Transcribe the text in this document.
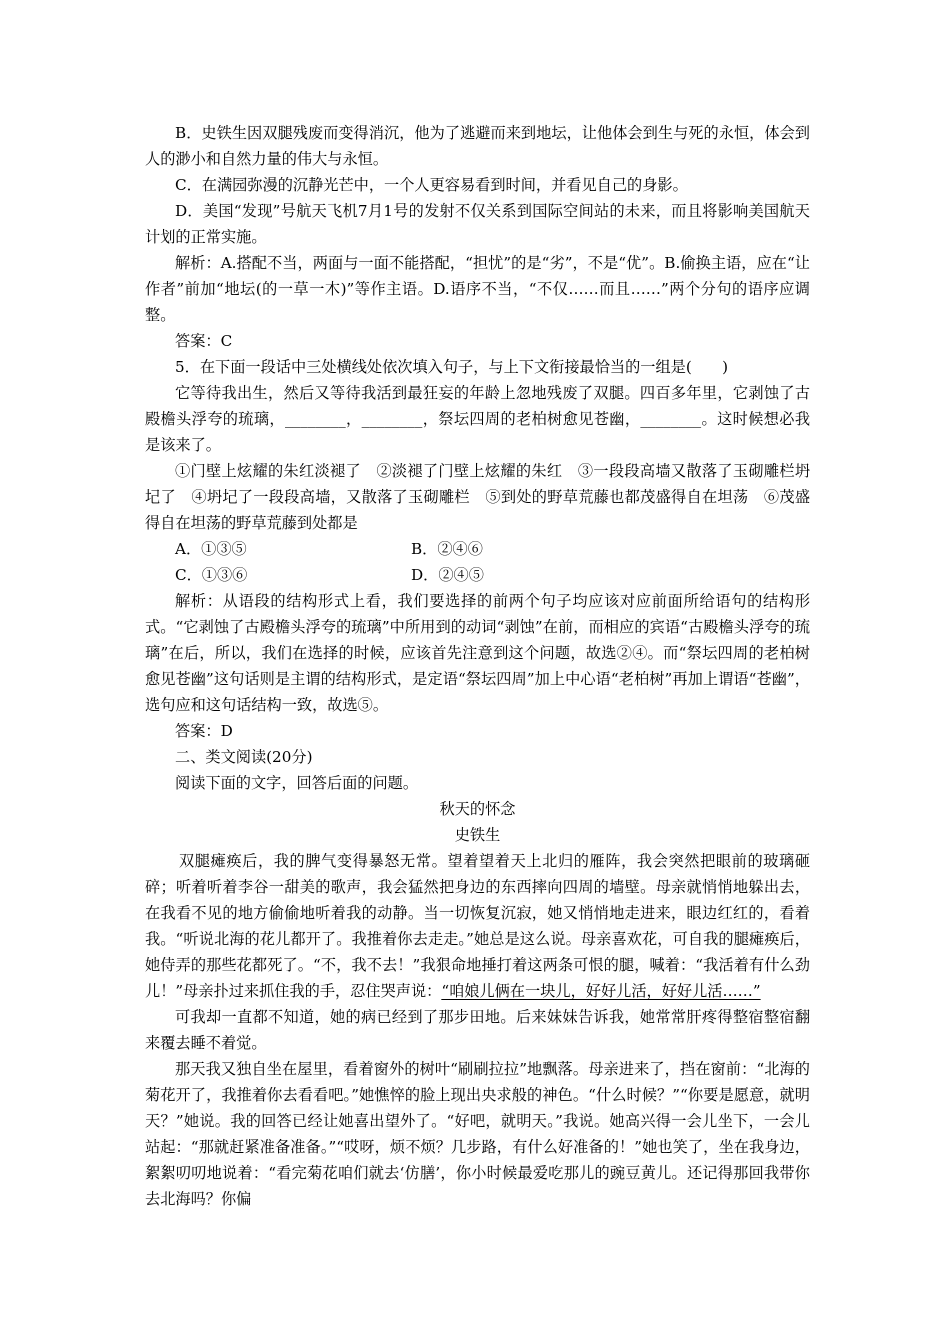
B．史铁生因双腿残废而变得消沉，他为了逃避而来到地坛，让他体会到生与死的永恒，体会到人的渺小和自然力量的伟大与永恒。

C．在满园弥漫的沉静光芒中，一个人更容易看到时间，并看见自己的身影。

D．美国“发现”号航天飞机7月1号的发射不仅关系到国际空间站的未来，而且将影响美国航天计划的正常实施。

解析：A.搭配不当，两面与一面不能搭配，“担忧”的是“劣”，不是“优”。B.偷换主语，应在“让作者”前加“地坛(的一草一木)”等作主语。D.语序不当，“不仅……而且……”两个分句的语序应调整。

答案：C

5．在下面一段话中三处横线处依次填入句子，与上下文衔接最恰当的一组是(　　)

它等待我出生，然后又等待我活到最狂妄的年龄上忽地残废了双腿。四百多年里，它剥蚀了古殿檐头浮夸的琉璃，________，________，祭坛四周的老柏树愈见苍幽，________。这时候想必我是该来了。

①门壁上炫耀的朱红淡褪了　②淡褪了门壁上炫耀的朱红　③一段段高墙又散落了玉砌雕栏坍圮了　④坍圮了一段段高墙，又散落了玉砌雕栏　⑤到处的野草荒藤也都茂盛得自在坦荡　⑥茂盛得自在坦荡的野草荒藤到处都是

A．①③⑤	B．②④⑥
C．①③⑥	D．②④⑤

解析：从语段的结构形式上看，我们要选择的前两个句子均应该对应前面所给语句的结构形式。“它剥蚀了古殿檐头浮夸的琉璃”中所用到的动词“剥蚀”在前，而相应的宾语“古殿檐头浮夸的琉璃”在后，所以，我们在选择的时候，应该首先注意到这个问题，故选②④。而“祭坛四周的老柏树愈见苍幽”这句话则是主谓的结构形式，是定语“祭坛四周”加上中心语“老柏树”再加上谓语“苍幽”，选句应和这句话结构一致，故选⑤。

答案：D

二、类文阅读(20分)

阅读下面的文字，回答后面的问题。

秋天的怀念

史铁生

双腿瘫痪后，我的脾气变得暴怒无常。望着望着天上北归的雁阵，我会突然把眼前的玻璃砸碎；听着听着李谷一甜美的歌声，我会猛然把身边的东西摔向四周的墙壁。母亲就悄悄地躲出去，在我看不见的地方偷偷地听着我的动静。当一切恢复沉寂，她又悄悄地走进来，眼边红红的，看着我。“听说北海的花儿都开了。我推着你去走走。”她总是这么说。母亲喜欢花，可自我的腿瘫痪后，她侍弄的那些花都死了。“不，我不去！”我狠命地捶打着这两条可恨的腿，喊着：“我活着有什么劲儿！”母亲扑过来抓住我的手，忍住哭声说：“咱娘儿俩在一块儿，好好儿活，好好儿活……”

可我却一直都不知道，她的病已经到了那步田地。后来妹妹告诉我，她常常肝疼得整宿整宿翻来覆去睡不着觉。

那天我又独自坐在屋里，看着窗外的树叶“刷刷拉拉”地飘落。母亲进来了，挡在窗前：“北海的菊花开了，我推着你去看看吧。”她憔悴的脸上现出央求般的神色。“什么时候？”“你要是愿意，就明天？”她说。我的回答已经让她喜出望外了。“好吧，就明天。”我说。她高兴得一会儿坐下，一会儿站起：“那就赶紧准备准备。”“哎呀，烦不烦？几步路，有什么好准备的！”她也笑了，坐在我身边，絮絮叨叨地说着：“看完菊花咱们就去‘仿膳’，你小时候最爱吃那儿的豌豆黄儿。还记得那回我带你去北海吗？你偏
